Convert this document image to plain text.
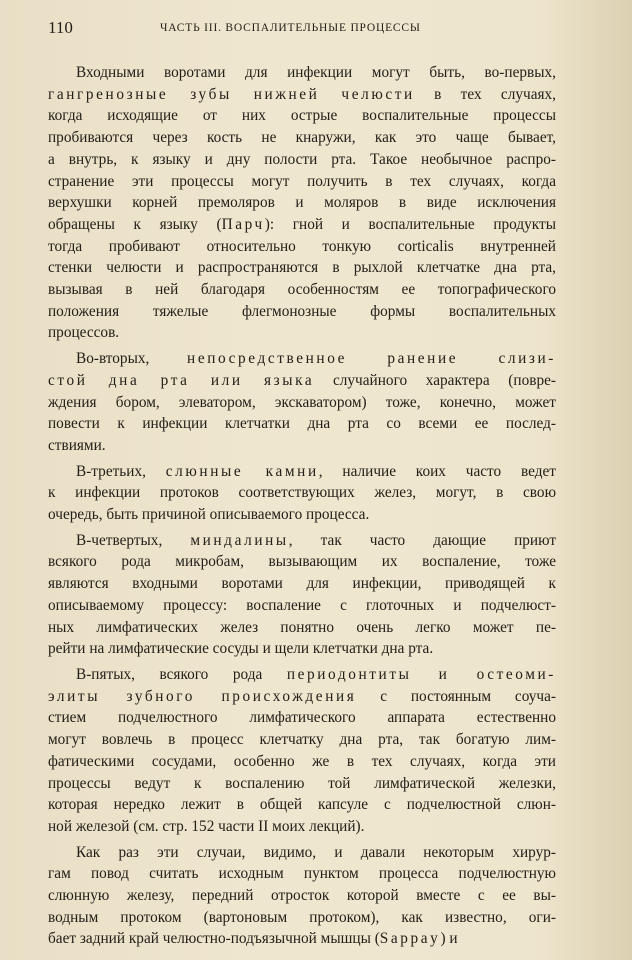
110	ЧАСТЬ III. ВОСПАЛИТЕЛЬНЫЕ ПРОЦЕССЫ
Входными воротами для инфекции могут быть, во-первых,
гангренозные зубы нижней челюсти в тех случаях,
когда исходящие от них острые воспалительные процессы
пробиваются через кость не кнаружи, как это чаще бывает,
а внутрь, к языку и дну полости рта. Такое необычное распро-
странение эти процессы могут получить в тех случаях, когда
верхушки корней премоляров и моляров в виде исключения
обращены к языку (Парч): гной и воспалительные продукты
тогда пробивают относительно тонкую corticalis внутренней
стенки челюсти и распространяются в рыхлой клетчатке дна рта,
вызывая в ней благодаря особенностям ее топографического
положения тяжелые флегмонозные формы воспалительных
процессов.
Во-вторых, непосредственное ранение слизи-
стой дна рта или языка случайного характера (повре-
ждения бором, элеватором, экскаватором) тоже, конечно, может
повести к инфекции клетчатки дна рта со всеми ее послед-
ствиями.
В-третьих, слюнные камни, наличие коих часто ведет
к инфекции протоков соответствующих желез, могут, в свою
очередь, быть причиной описываемого процесса.
В-четвертых, миндалины, так часто дающие приют
всякого рода микробам, вызывающим их воспаление, тоже
являются входными воротами для инфекции, приводящей к
описываемому процессу: воспаление с глоточных и подчелюст-
ных лимфатических желез понятно очень легко может пе-
рейти на лимфатические сосуды и щели клетчатки дна рта.
В-пятых, всякого рода периодонтиты и остеоми-
элиты зубного происхождения с постоянным соуча-
стием подчелюстного лимфатического аппарата естественно
могут вовлечь в процесс клетчатку дна рта, так богатую лим-
фатическими сосудами, особенно же в тех случаях, когда эти
процессы ведут к воспалению той лимфатической железки,
которая нередко лежит в общей капсуле с подчелюстной слюн-
ной железой (см. стр. 152 части II моих лекций).
Как раз эти случаи, видимо, и давали некоторым хирур-
гам повод считать исходным пунктом процесса подчелюстную
слюнную железу, передний отросток которой вместе с ее вы-
водным протоком (вартоновым протоком), как известно, оги-
бает задний край челюстно-подъязычной мышцы (Sappay) и
